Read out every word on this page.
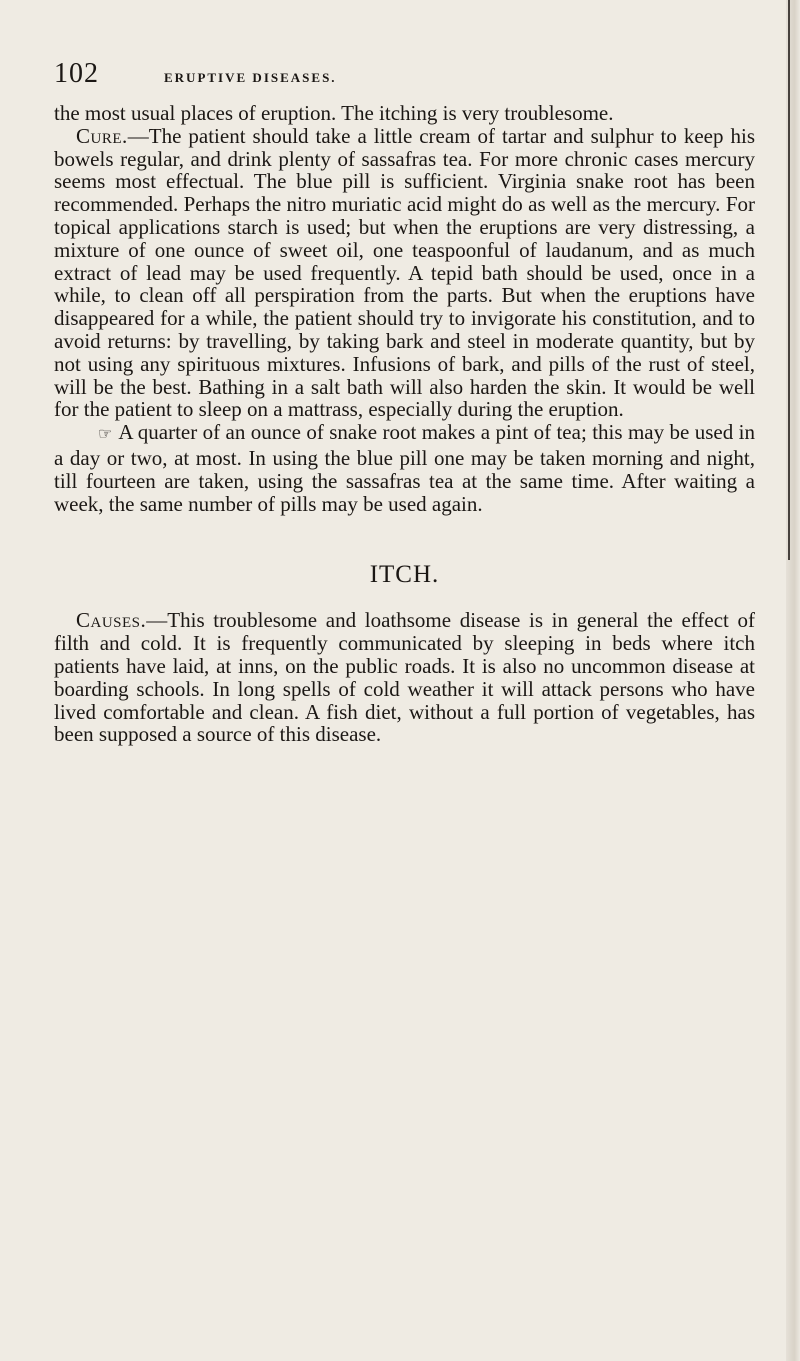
102	ERUPTIVE DISEASES.

the most usual places of eruption. The itching is very troublesome.

Cure.—The patient should take a little cream of tartar and sulphur to keep his bowels regular, and drink plenty of sassafras tea. For more chronic cases mercury seems most effectual. The blue pill is sufficient. Virginia snake root has been recommended. Perhaps the nitro muriatic acid might do as well as the mercury. For topical applications starch is used; but when the eruptions are very distressing, a mixture of one ounce of sweet oil, one teaspoonful of laudanum, and as much extract of lead may be used frequently. A tepid bath should be used, once in a while, to clean off all perspiration from the parts. But when the eruptions have disappeared for a while, the patient should try to invigorate his constitution, and to avoid returns: by travelling, by taking bark and steel in moderate quantity, but by not using any spirituous mixtures. Infusions of bark, and pills of the rust of steel, will be the best. Bathing in a salt bath will also harden the skin. It would be well for the patient to sleep on a mattrass, especially during the eruption.

☞ A quarter of an ounce of snake root makes a pint of tea; this may be used in a day or two, at most. In using the blue pill one may be taken morning and night, till fourteen are taken, using the sassafras tea at the same time. After waiting a week, the same number of pills may be used again.

ITCH.

Causes.—This troublesome and loathsome disease is in general the effect of filth and cold. It is frequently communicated by sleeping in beds where itch patients have laid, at inns, on the public roads. It is also no uncommon disease at boarding schools. In long spells of cold weather it will attack persons who have lived comfortable and clean. A fish diet, without a full portion of vegetables, has been supposed a source of this disease.
